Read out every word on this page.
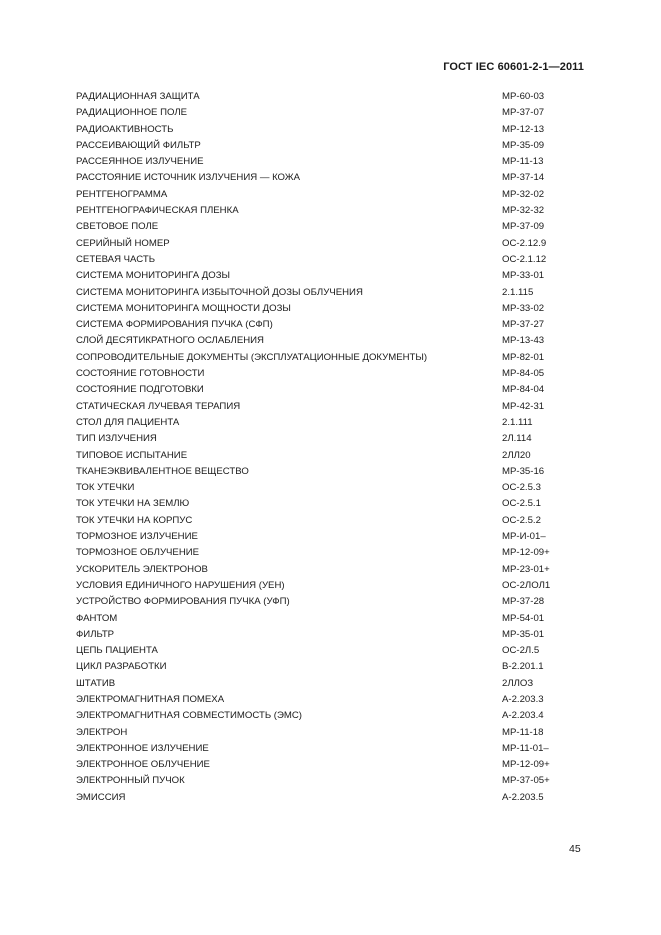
ГОСТ IEC 60601-2-1—2011
РАДИАЦИОННАЯ ЗАЩИТА	МР-60-03
РАДИАЦИОННОЕ ПОЛЕ	МР-37-07
РАДИОАКТИВНОСТЬ	МР-12-13
РАССЕИВАЮЩИЙ ФИЛЬТР	МР-35-09
РАССЕЯННОЕ ИЗЛУЧЕНИЕ	МР-11-13
РАССТОЯНИЕ ИСТОЧНИК ИЗЛУЧЕНИЯ — КОЖА	МР-37-14
РЕНТГЕНОГРАММА	МР-32-02
РЕНТГЕНОГРАФИЧЕСКАЯ ПЛЕНКА	МР-32-32
СВЕТОВОЕ ПОЛЕ	МР-37-09
СЕРИЙНЫЙ НОМЕР	ОС-2.12.9
СЕТЕВАЯ ЧАСТЬ	ОС-2.1.12
СИСТЕМА МОНИТОРИНГА ДОЗЫ	МР-33-01
СИСТЕМА МОНИТОРИНГА ИЗБЫТОЧНОЙ ДОЗЫ ОБЛУЧЕНИЯ	2.1.115
СИСТЕМА МОНИТОРИНГА МОЩНОСТИ ДОЗЫ	МР-33-02
СИСТЕМА ФОРМИРОВАНИЯ ПУЧКА (СФП)	МР-37-27
СЛОЙ ДЕСЯТИКРАТНОГО ОСЛАБЛЕНИЯ	МР-13-43
СОПРОВОДИТЕЛЬНЫЕ ДОКУМЕНТЫ (ЭКСПЛУАТАЦИОННЫЕ ДОКУМЕНТЫ)	МР-82-01
СОСТОЯНИЕ ГОТОВНОСТИ	МР-84-05
СОСТОЯНИЕ ПОДГОТОВКИ	МР-84-04
СТАТИЧЕСКАЯ ЛУЧЕВАЯ ТЕРАПИЯ	МР-42-31
СТОЛ ДЛЯ ПАЦИЕНТА	2.1.111
ТИП ИЗЛУЧЕНИЯ	2Л.114
ТИПОВОЕ ИСПЫТАНИЕ	2ЛЛ20
ТКАНЕЭКВИВАЛЕНТНОЕ ВЕЩЕСТВО	МР-35-16
ТОК УТЕЧКИ	ОС-2.5.3
ТОК УТЕЧКИ НА ЗЕМЛЮ	ОС-2.5.1
ТОК УТЕЧКИ НА КОРПУС	ОС-2.5.2
ТОРМОЗНОЕ ИЗЛУЧЕНИЕ	МР-И-01–
ТОРМОЗНОЕ ОБЛУЧЕНИЕ	МР-12-09+
УСКОРИТЕЛЬ ЭЛЕКТРОНОВ	МР-23-01+
УСЛОВИЯ ЕДИНИЧНОГО НАРУШЕНИЯ (УЕН)	ОС-2ЛОЛ1
УСТРОЙСТВО ФОРМИРОВАНИЯ ПУЧКА (УФП)	МР-37-28
ФАНТОМ	МР-54-01
ФИЛЬТР	МР-35-01
ЦЕПЬ ПАЦИЕНТА	ОС-2Л.5
ЦИКЛ РАЗРАБОТКИ	В-2.201.1
ШТАТИВ	2ЛЛОЗ
ЭЛЕКТРОМАГНИТНАЯ ПОМЕХА	А-2.203.3
ЭЛЕКТРОМАГНИТНАЯ СОВМЕСТИМОСТЬ (ЭМС)	А-2.203.4
ЭЛЕКТРОН	МР-11-18
ЭЛЕКТРОННОЕ ИЗЛУЧЕНИЕ	МР-11-01–
ЭЛЕКТРОННОЕ ОБЛУЧЕНИЕ	МР-12-09+
ЭЛЕКТРОННЫЙ ПУЧОК	МР-37-05+
ЭМИССИЯ	А-2.203.5
45
